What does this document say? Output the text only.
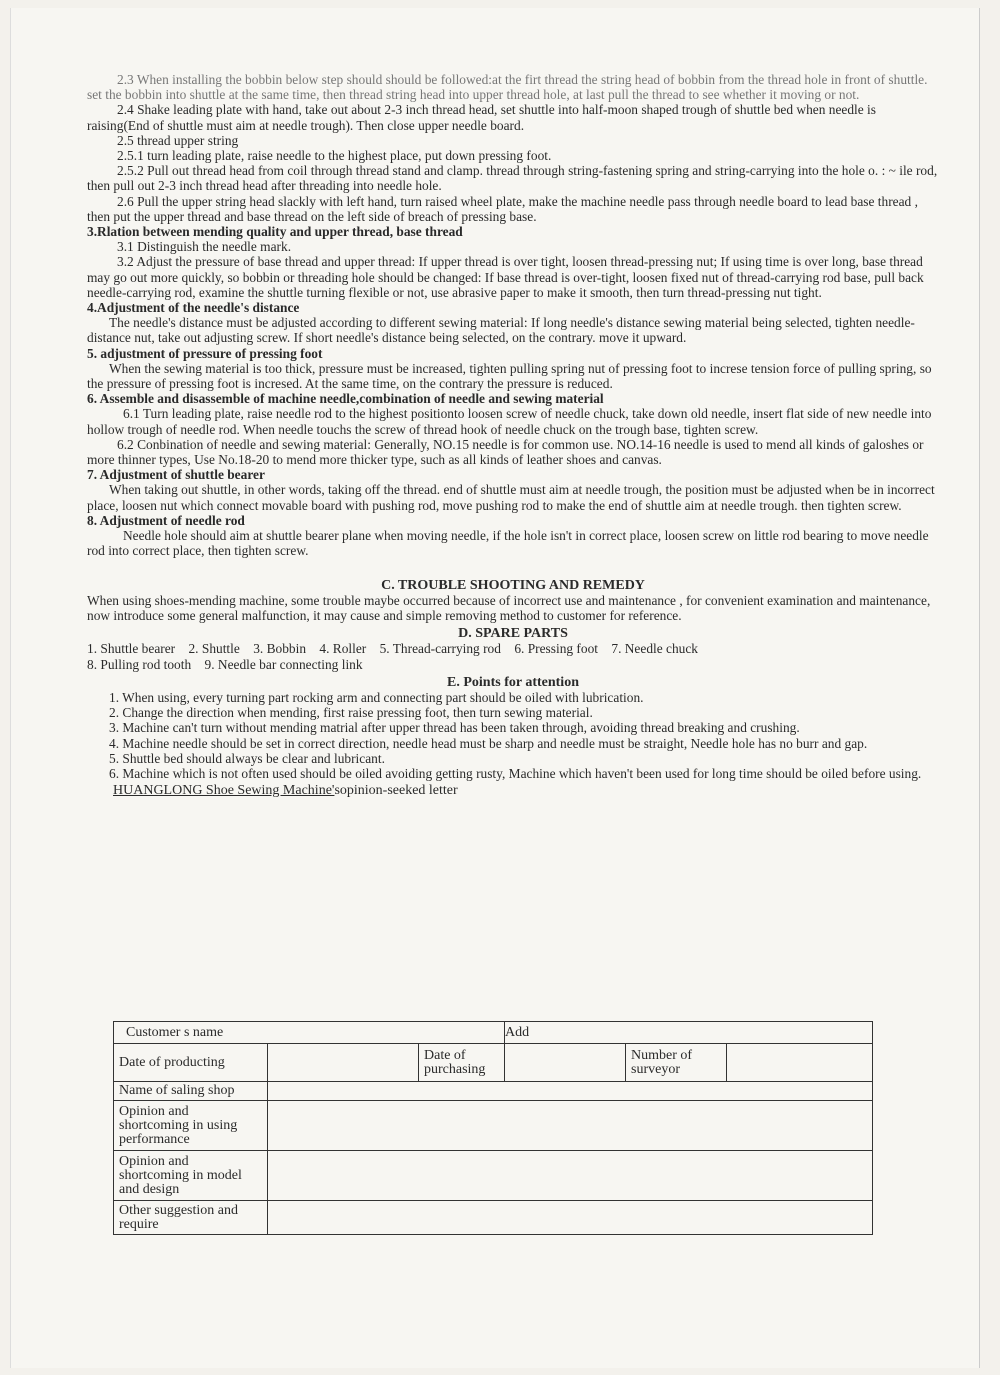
2.3 When installing the bobbin below step should should be followed:at the firt thread the string head of bobbin from the thread hole in front of shuttle. set the bobbin into shuttle at the same time, then thread string head into upper thread hole, at last pull the thread to see whether it moving or not.

2.4 Shake leading plate with hand, take out about 2-3 inch thread head, set shuttle into half-moon shaped trough of shuttle bed when needle is raising(End of shuttle must aim at needle trough). Then close upper needle board.

2.5 thread upper string

2.5.1 turn leading plate, raise needle to the highest place, put down pressing foot.

2.5.2 Pull out thread head from coil through thread stand and clamp. thread through string-fastening spring and string-carrying into the hole o. : ~ ile rod, then pull out 2-3 inch thread head after threading into needle hole.

2.6 Pull the upper string head slackly with left hand, turn raised wheel plate, make the machine needle pass through needle board to lead base thread , then put the upper thread and base thread on the left side of breach of pressing base.

3.Rlation between mending quality and upper thread, base thread

3.1 Distinguish the needle mark.

3.2 Adjust the pressure of base thread and upper thread: If upper thread is over tight, loosen thread-pressing nut; If using time is over long, base thread may go out more quickly, so bobbin or threading hole should be changed: If base thread is over-tight, loosen fixed nut of thread-carrying rod base, pull back needle-carrying rod, examine the shuttle turning flexible or not, use abrasive paper to make it smooth, then turn thread-pressing nut tight.

4.Adjustment of the needle's distance

The needle's distance must be adjusted according to different sewing material: If long needle's distance sewing material being selected, tighten needle-distance nut, take out adjusting screw. If short needle's distance being selected, on the contrary. move it upward.

5. adjustment of pressure of pressing foot

When the sewing material is too thick, pressure must be increased, tighten pulling spring nut of pressing foot to increse tension force of pulling spring, so the pressure of pressing foot is incresed. At the same time, on the contrary the pressure is reduced.

6. Assemble and disassemble of machine needle,combination of needle and sewing material

6.1 Turn leading plate, raise needle rod to the highest positionto loosen screw of needle chuck, take down old needle, insert flat side of new needle into hollow trough of needle rod. When needle touchs the screw of thread hook of needle chuck on the trough base, tighten screw.

6.2 Conbination of needle and sewing material: Generally, NO.15 needle is for common use. NO.14-16 needle is used to mend all kinds of galoshes or more thinner types, Use No.18-20 to mend more thicker type, such as all kinds of leather shoes and canvas.

7. Adjustment of shuttle bearer

When taking out shuttle, in other words, taking off the thread. end of shuttle must aim at needle trough, the position must be adjusted when be in incorrect place, loosen nut which connect movable board with pushing rod, move pushing rod to make the end of shuttle aim at needle trough. then tighten screw.

8. Adjustment of needle rod

Needle hole should aim at shuttle bearer plane when moving needle, if the hole isn't in correct place, loosen screw on little rod bearing to move needle rod into correct place, then tighten screw.

C. TROUBLE SHOOTING AND REMEDY

When using shoes-mending machine, some trouble maybe occurred because of incorrect use and maintenance , for convenient examination and maintenance, now introduce some general malfunction, it may cause and simple removing method to customer for reference.

D. SPARE PARTS

1. Shuttle bearer 2. Shuttle 3. Bobbin 4. Roller 5. Thread-carrying rod 6. Pressing foot 7. Needle chuck

8. Pulling rod tooth 9. Needle bar connecting link

E. Points for attention

1. When using, every turning part rocking arm and connecting part should be oiled with lubrication.

2. Change the direction when mending, first raise pressing foot, then turn sewing material.

3. Machine can't turn without mending matrial after upper thread has been taken through, avoiding thread breaking and crushing.

4. Machine needle should be set in correct direction, needle head must be sharp and needle must be straight, Needle hole has no burr and gap.

5. Shuttle bed should always be clear and lubricant.

6. Machine which is not often used should be oiled avoiding getting rusty, Machine which haven't been used for long time should be oiled before using.

HUANGLONG Shoe Sewing Machine'sopinion-seeked letter

Customer s name			Add		
Date of producting		Date of purchasing		Number of surveyor	
Name of saling shop					
Opinion and shortcoming in using performance					
Opinion and shortcoming in model and design					
Other suggestion and require					
